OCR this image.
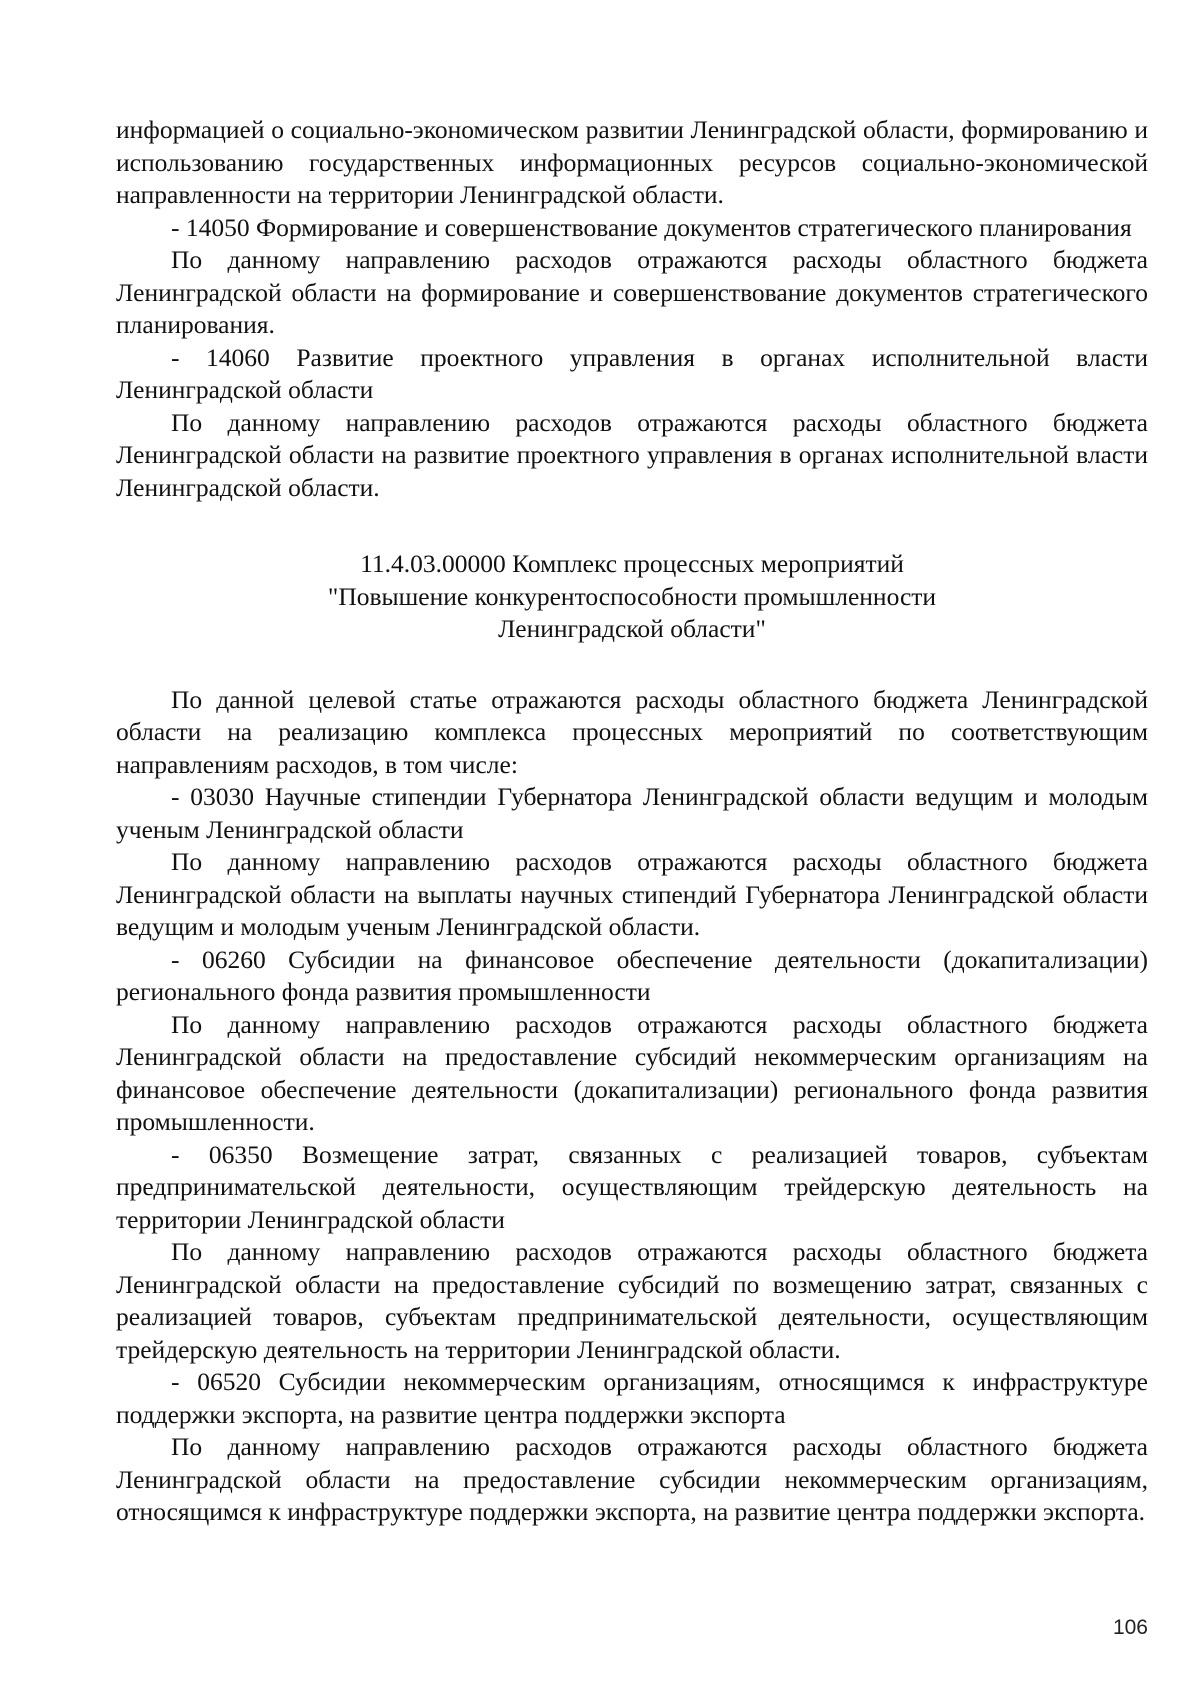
информацией о социально-экономическом развитии Ленинградской области, формированию и использованию государственных информационных ресурсов социально-экономической направленности на территории Ленинградской области.

- 14050 Формирование и совершенствование документов стратегического планирования

По данному направлению расходов отражаются расходы областного бюджета Ленинградской области на формирование и совершенствование документов стратегического планирования.

- 14060 Развитие проектного управления в органах исполнительной власти Ленинградской области

По данному направлению расходов отражаются расходы областного бюджета Ленинградской области на развитие проектного управления в органах исполнительной власти Ленинградской области.

11.4.03.00000 Комплекс процессных мероприятий
"Повышение конкурентоспособности промышленности
Ленинградской области"

По данной целевой статье отражаются расходы областного бюджета Ленинградской области на реализацию комплекса процессных мероприятий по соответствующим направлениям расходов, в том числе:

- 03030 Научные стипендии Губернатора Ленинградской области ведущим и молодым ученым Ленинградской области

По данному направлению расходов отражаются расходы областного бюджета Ленинградской области на выплаты научных стипендий Губернатора Ленинградской области ведущим и молодым ученым Ленинградской области.

- 06260 Субсидии на финансовое обеспечение деятельности (докапитализации) регионального фонда развития промышленности

По данному направлению расходов отражаются расходы областного бюджета Ленинградской области на предоставление субсидий некоммерческим организациям на финансовое обеспечение деятельности (докапитализации) регионального фонда развития промышленности.

- 06350 Возмещение затрат, связанных с реализацией товаров, субъектам предпринимательской деятельности, осуществляющим трейдерскую деятельность на территории Ленинградской области

По данному направлению расходов отражаются расходы областного бюджета Ленинградской области на предоставление субсидий по возмещению затрат, связанных с реализацией товаров, субъектам предпринимательской деятельности, осуществляющим трейдерскую деятельность на территории Ленинградской области.

- 06520 Субсидии некоммерческим организациям, относящимся к инфраструктуре поддержки экспорта, на развитие центра поддержки экспорта

По данному направлению расходов отражаются расходы областного бюджета Ленинградской области на предоставление субсидии некоммерческим организациям, относящимся к инфраструктуре поддержки экспорта, на развитие центра поддержки экспорта.

106
